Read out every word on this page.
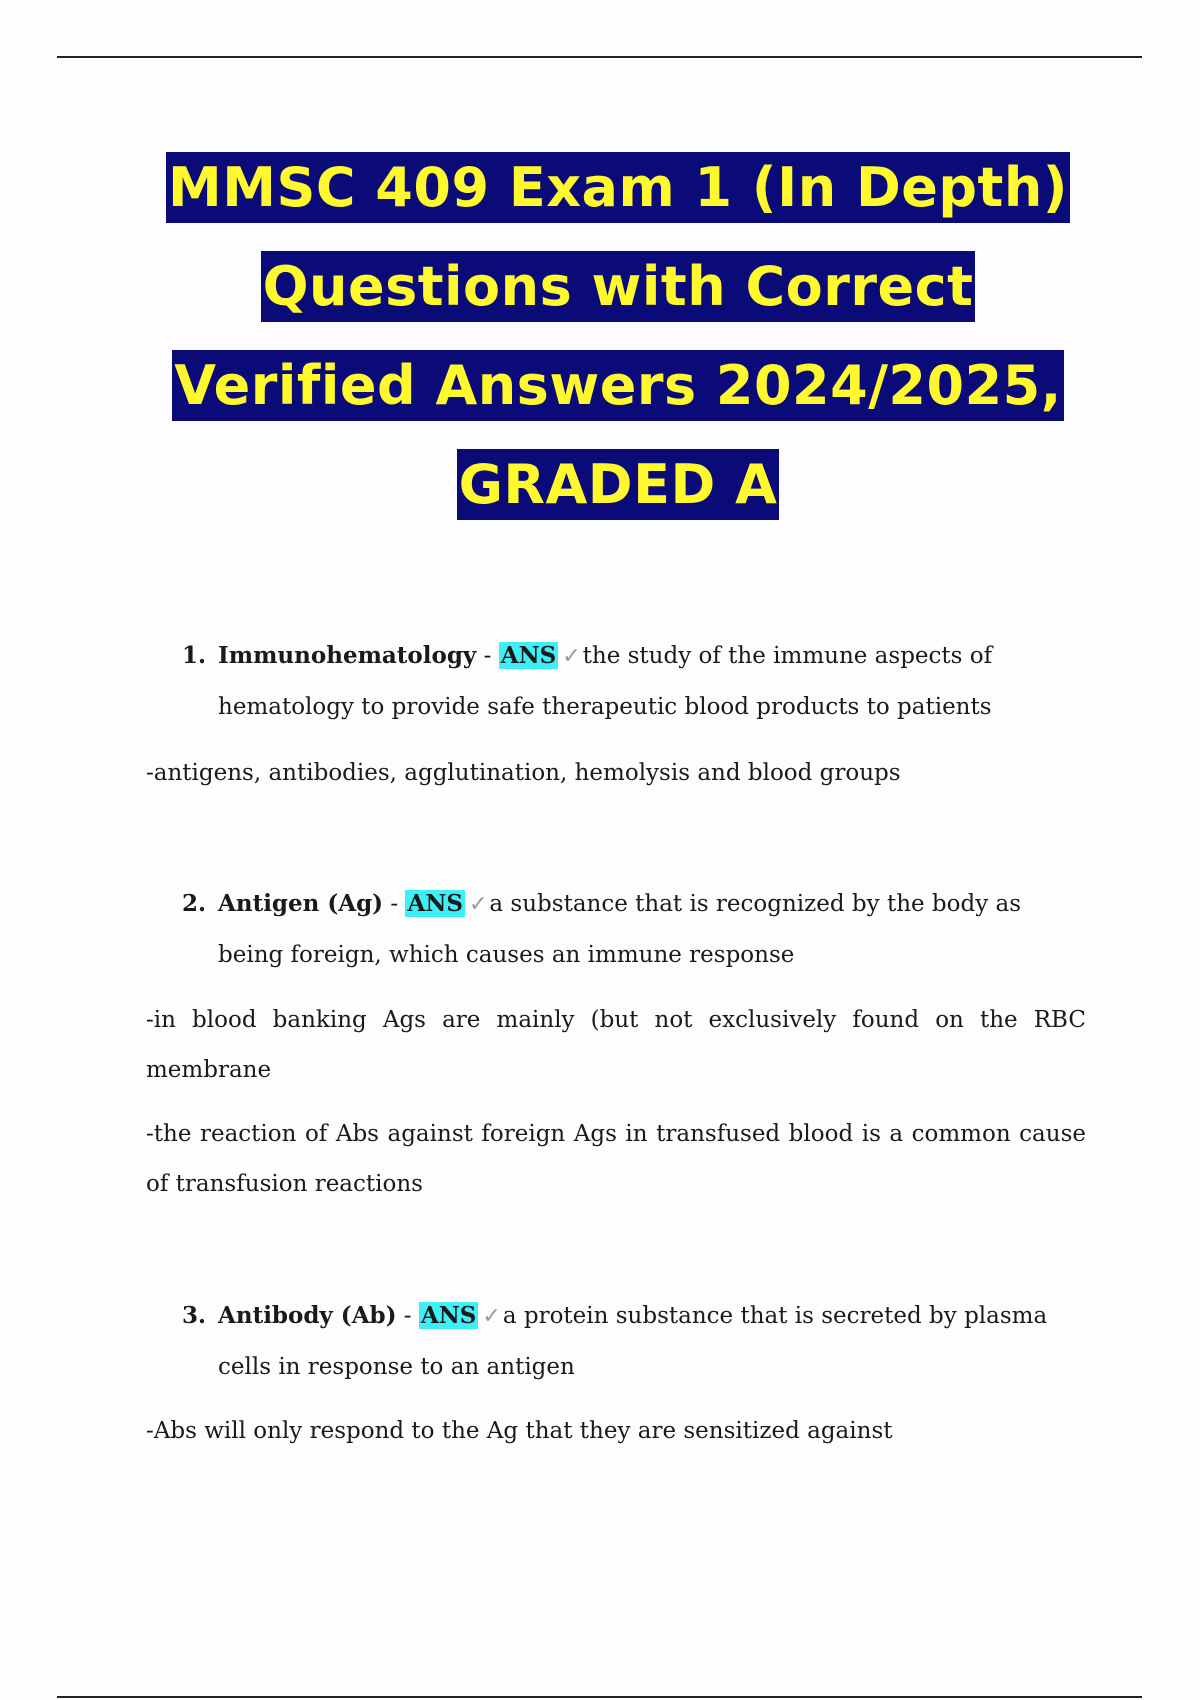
MMSC 409 Exam 1 (In Depth)
Questions with Correct
Verified Answers 2024/2025,
GRADED A
1. Immunohematology - ANS ✓the study of the immune aspects of hematology to provide safe therapeutic blood products to patients
-antigens, antibodies, agglutination, hemolysis and blood groups
2. Antigen (Ag) - ANS ✓a substance that is recognized by the body as being foreign, which causes an immune response
-in blood banking Ags are mainly (but not exclusively found on the RBC membrane
-the reaction of Abs against foreign Ags in transfused blood is a common cause of transfusion reactions
3. Antibody (Ab) - ANS ✓a protein substance that is secreted by plasma cells in response to an antigen
-Abs will only respond to the Ag that they are sensitized against
